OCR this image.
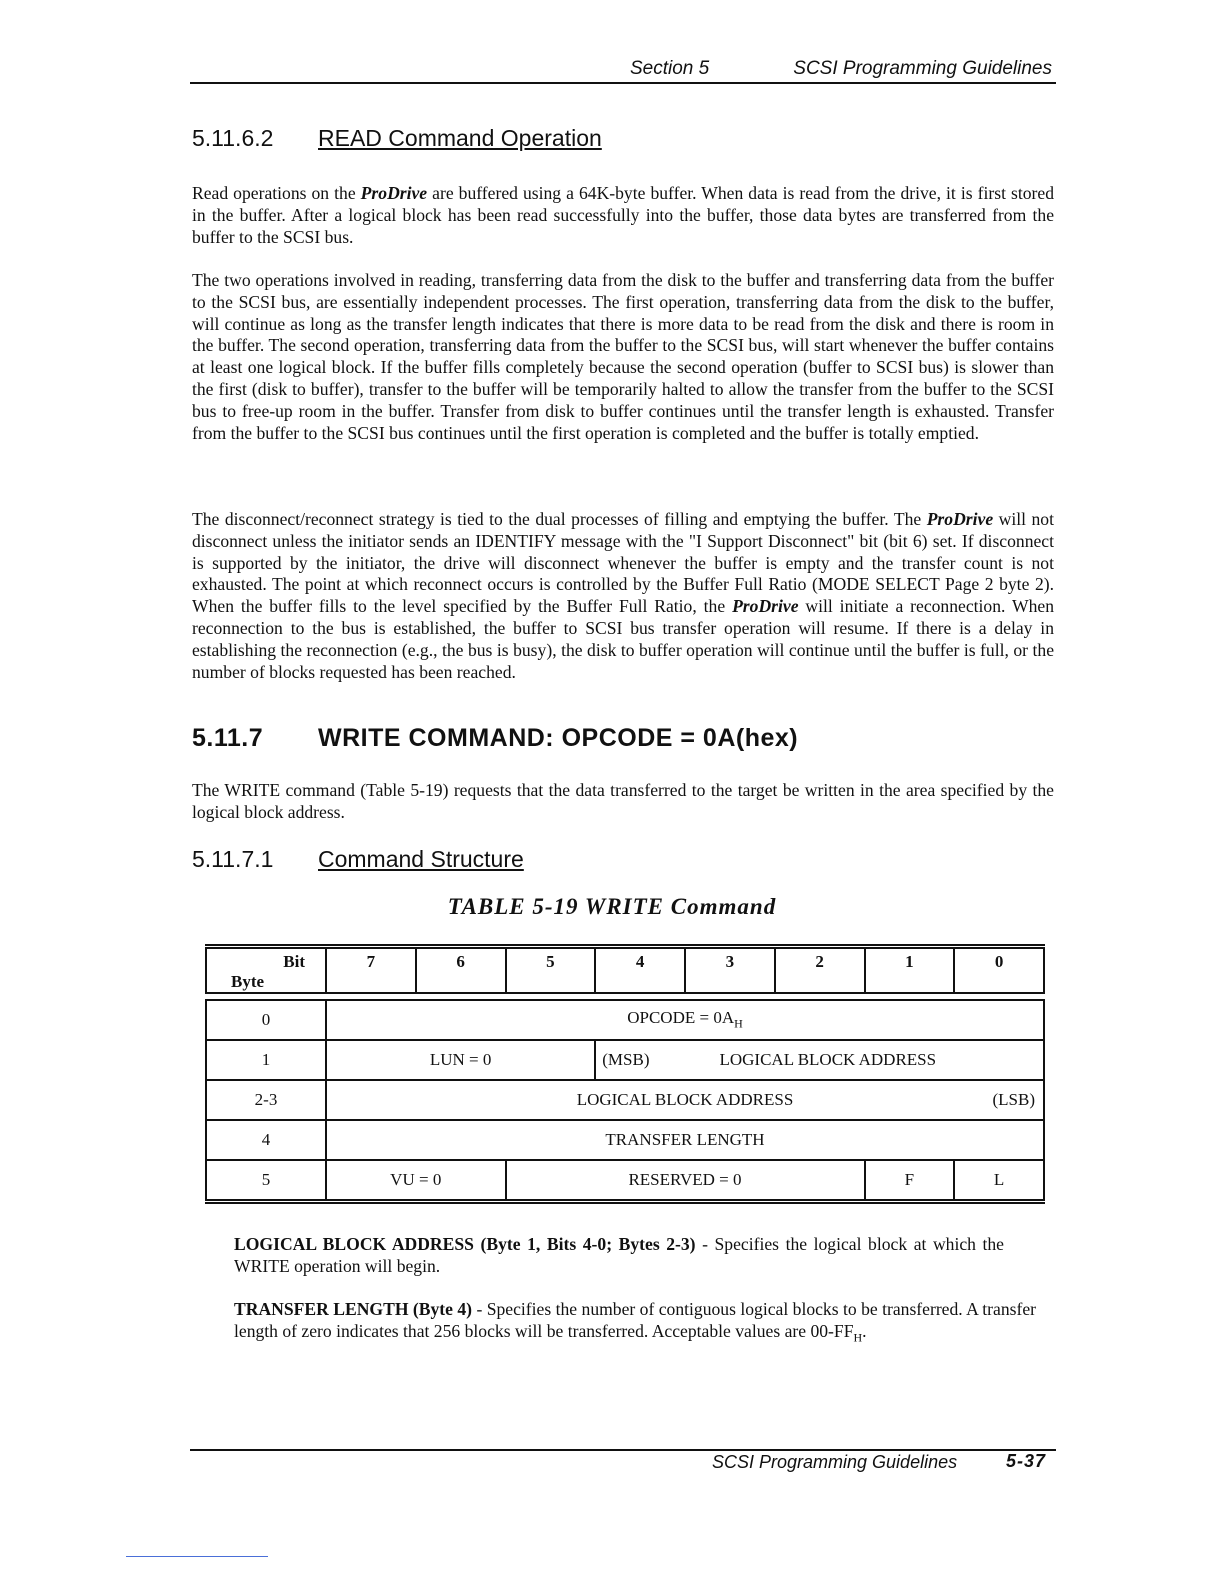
Section 5	SCSI Programming Guidelines
5.11.6.2 READ Command Operation

Read operations on the ProDrive are buffered using a 64K-byte buffer. When data is read from the drive, it is first stored in the buffer. After a logical block has been read successfully into the buffer, those data bytes are transferred from the buffer to the SCSI bus.

The two operations involved in reading, transferring data from the disk to the buffer and transferring data from the buffer to the SCSI bus, are essentially independent processes. The first operation, transferring data from the disk to the buffer, will continue as long as the transfer length indicates that there is more data to be read from the disk and there is room in the buffer. The second operation, transferring data from the buffer to the SCSI bus, will start whenever the buffer contains at least one logical block. If the buffer fills completely because the second operation (buffer to SCSI bus) is slower than the first (disk to buffer), transfer to the buffer will be temporarily halted to allow the transfer from the buffer to the SCSI bus to free-up room in the buffer. Transfer from disk to buffer continues until the transfer length is exhausted. Transfer from the buffer to the SCSI bus continues until the first operation is completed and the buffer is totally emptied.

The disconnect/reconnect strategy is tied to the dual processes of filling and emptying the buffer. The ProDrive will not disconnect unless the initiator sends an IDENTIFY message with the "I Support Disconnect" bit (bit 6) set. If disconnect is supported by the initiator, the drive will disconnect whenever the buffer is empty and the transfer count is not exhausted. The point at which reconnect occurs is controlled by the Buffer Full Ratio (MODE SELECT Page 2 byte 2). When the buffer fills to the level specified by the Buffer Full Ratio, the ProDrive will initiate a reconnection. When reconnection to the bus is established, the buffer to SCSI bus transfer operation will resume. If there is a delay in establishing the reconnection (e.g., the bus is busy), the disk to buffer operation will continue until the buffer is full, or the number of blocks requested has been reached.

5.11.7 WRITE COMMAND: OPCODE = 0A(hex)

The WRITE command (Table 5-19) requests that the data transferred to the target be written in the area specified by the logical block address.

5.11.7.1 Command Structure
TABLE 5-19 WRITE Command
Bit
Byte	7	6	5	4	3	2	1	0

0	OPCODE = $0A_H$
1	LUN = 0			(MSB) LOGICAL BLOCK ADDRESS				
2-3	LOGICAL BLOCK ADDRESS (LSB)							

4	TRANSFER LENGTH							
5	VU = 0		RESERVED = 0				F	L

LOGICAL BLOCK ADDRESS (Byte 1, Bits 4-0; Bytes 2-3) - Specifies the logical block at which the WRITE operation will begin.

TRANSFER LENGTH (Byte 4) - Specifies the number of contiguous logical blocks to be transferred. A transfer length of zero indicates that 256 blocks will be transferred. Acceptable values are $00-FF_H$.

SCSI Programming Guidelines	5-37
